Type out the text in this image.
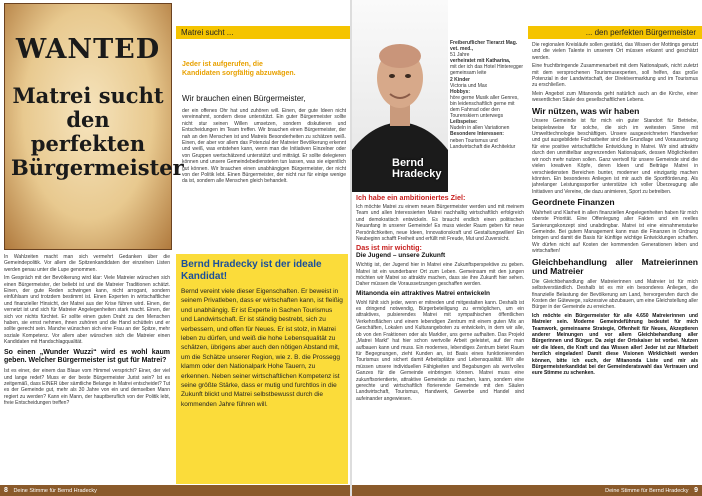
WANTED
Matrei sucht
den perfekten
Bürgermeister
Matrei sucht ...
Jeder ist aufgerufen, die
Kandidaten sorgfältig abzuwägen.
Wir brauchen einen Bürgermeister,
der ein offenes Ohr hat und zuhören will. Einen, der gute Ideen nicht vereinnahmt, sondern diese unterstützt. Ein guter Bürgermeister sollte nicht stur seinen Willen umsetzen, sondern diskutieren und Entscheidungen im Team treffen. Wir brauchen einen Bürgermeister, der nah an den Menschen ist und Matreis Besonderheiten zu schätzen weiß. Einen, der aber vor allem das Potenzial der Matreier Bevölkerung erkennt und weiß, was entstehen kann, wenn man die Initiativen Einzelner oder von Gruppen wertschätzend unterstützt und mitträgt. Er sollte delegieren können und unsere Gemeindebediensteten tun lassen, was sie eigentlich gut können. Wir brauchen einen unabhängigen Bürgermeister, der nicht von der Politik lebt. Einen Bürgermeister, der nicht nur für einige wenige da ist, sondern alle Menschen gleich behandelt.

In Wahlzeiten macht man sich vermehrt Gedanken über die Gemeindepolitik. Vor allem die Spitzenkandidaten der einzelnen Listen werden genau unter die Lupe genommen.

Im Gespräch mit der Bevölkerung wird klar: Viele Matreier wünschen sich einen Bürgermeister, der beliebt ist und die Matreier Traditionen schätzt. Einen, der gute Reden schwingen kann, nicht arrogant, sondern einfühlsam und trotzdem bestimmt ist. Einen Experten in wirtschaftlicher und finanzieller Hinsicht, der Matrei aus der Krise führen wird. Einen, der vernetzt ist und sich für Matreier Angelegenheiten stark macht. Einen, der sich vor nichts fürchtet. Er sollte einen guten Draht zu den Menschen haben, sie ernst nehmen, ihnen zuhören und die Hand schütteln und er sollte gerecht sein. Manche wünschen sich eine Frau an der Spitze, mehr soziale Kompetenz. Vor allem aber wünschen sich die Matreier einen Kandidaten mit Handschlagqualität.

So einen „Wunder Wuzzi“ wird es wohl kaum geben. Welcher Bürgermeister ist gut für Matrei?

Ist es einer, der einem das Blaue vom Himmel verspricht? Einer, der viel und lange redet? Muss er der beste Bürgermeister Jurist sein? Ist es zeitgemäß, dass EINER über sämtliche Belange in Matrei entscheidet? Tut es der Gemeinde gut, mehr als 30 Jahre von ein und demselben Mann regiert zu werden? Kann ein Mann, der hauptberuflich von der Politik lebt, freie Entscheidungen treffen?

Bernd Hradecky ist der ideale Kandidat!
Bernd vereint viele dieser Eigenschaften. Er beweist in seinem Privatleben, dass er wirtschaften kann, ist fleißig und unabhängig. Er ist Experte in Sachen Tourismus und Landwirtschaft. Er ist ständig bestrebt, sich zu verbessern, und offen für Neues. Er ist stolz, in Matrei leben zu dürfen, und weiß die hohe Lebensqualität zu schätzen, übrigens aber auch den nötigen Abstand mit, um die Schätze unserer Region, wie z. B. die Prossegg klamm oder den Nationalpark Hohe Tauern, zu erkennen. Neben seiner wirtschaftlichen Kompetenz ist seine größte Stärke, dass er mutig und furchtlos in die Zukunft blickt und Matrei selbstbewusst durch die kommenden Jahre führen will.
8 Deine Stimme für Bernd Hradecky
Bernd
Hradecky
Freiberuflicher Tierarzt Mag. vet. med.,
51 Jahre
verheiratet mit Katharina,
mit der ich das Hotel Hinteregger gemeinsam leite
2 Kinder
Victoria und Max
Hobbys:
höre gerne Musik aller Genres, bin leidenschaftlich gerne mit dem Fahrrad oder den Tourenskiern unterwegs
Leibspeise:
Nudeln in allen Variationen
Besondere Interessen:
neben Tourismus und Landwirtschaft die Architektur
Ich habe ein ambitioniertes Ziel:

Ich möchte Matrei zu einem neuen Bürgermeister werden und mit meinem Team und allen Interessierten Matrei nachhaltig wirtschaftlich erfolgreich und demokratisch entwickeln. Es braucht endlich einen politischen Neuanfang in unserer Gemeinde! Es muss wieder Raum geben für neue Persönlichkeiten, neue Ideen, Innovationskraft und Gestaltungswillen! Ein Neubeginn schafft Freiheit und erfüllt mit Freude, Mut und Zuversicht.

Das ist mir wichtig:
Die Jugend – unsere Zukunft

Wichtig ist, der Jugend hier in Matrei eine Zukunftsperspektive zu geben. Matrei ist ein wunderbarer Ort zum Leben. Gemeinsam mit den jungen möchten wir Matrei so attraktiv machen, dass sie ihre Zukunft hier sehen. Daher müssen die Voraussetzungen geschaffen werden.

Mitanonda ein attraktives Matrei entwickeln

Wohl fühlt sich jeder, wenn er mitreden und mitgestalten kann. Deshalb ist es dringend notwendig, Bürgerbeteiligung zu ermöglichen, um ein attraktives, pulsierendes Matrei mit sympathischen öffentlichen Verkehrsflächen und einem lebendigen Zentrum mit einem guten Mix an Geschäften, Lokalen und Kulturangeboten zu entwickeln, in dem wir alle, ob von den Fraktionen oder als Marktler, uns gerne aufhalten. Das Projekt „Matrei Markt“ hat hier schon wertvolle Arbeit geleistet, auf der man aufbauen kann und muss. Ein modernes, lebendiges Zentrum bietet Raum für Begegnungen, zieht Kunden an, ist Basis eines funktionierenden Tourismus und sichert damit Arbeitsplätze und Lebensqualität. Wir alle müssen unsere individuellen Fähigkeiten und Begabungen als wertvolles Ganzes für die Gemeinde einbringen können. Matrei muss eine zukunftsorientierte, attraktive Gemeinde zu machen, kann, sondern eine gerechte und wirtschaftlich florierende Gemeinde mit den Säulen Landwirtschaft, Tourismus, Handwerk, Gewerbe und Handel sind aufeinander angewiesen.

... den perfekten Bürgermeister

Die regionalen Kreisläufe sollen gestärkt, das Wissen der Mottings genutzt und die vielen Talente in unserem Ort müssen erkannt und geschätzt werden.

Eine fruchtbringende Zusammenarbeit mit dem Nationalpark, nicht zuletzt mit dem versprochenen Tourismusexperten, soll helfen, das große Potenzial in der Landwirtschaft, der Direktvermarktung und im Tourismus zu erschließen.

Mein Angebot zum Mitanonda geht natürlich auch an die Kirche, einer wesentlichen Säule des gesellschaftlichen Lebens.

Wir nützen, was wir haben

Unsere Gemeinde ist für mich ein guter Standort für Betriebe, beispielsweise für solche, die sich im weitesten Sinne mit Umwelttechnologie beschäftigen. Unsere ausgezeichneten Handwerker und gut ausgebildete Facharbeiter sind die Grundlage und Voraussetzung für eine positive wirtschaftliche Entwicklung in Matrei. Wir sind attraktiv durch den unmittelbar angrenzenden Nationalpark, dessen Möglichkeiten wir noch mehr nutzen sollen. Ganz wertvoll für unsere Gemeinde sind die vielen kreativen Köpfe, deren Ideen und Beiträge Matrei in verschiedensten Bereichen bunter, moderner und einzigartig machen könnten. Ein besonderes Anliegen ist mir auch die Sportförderung. Als jahrelanger Leistungssportler unterstütze ich voller Überzeugung alle Initiativen und Vereine, die dazu animieren, Sport zu betreiben.

Geordnete Finanzen

Wahrheit und Klarheit in allen finanziellen Angelegenheiten haben für mich oberste Priorität. Eine Offenlegung aller Fakten und ein reelles Sanierungskonzept sind unabdingbar. Matrei ist eine einnahmenstarke Gemeinde. Bei gutem Management kann man die Finanzen in Ordnung bringen und damit die Basis für künftige wichtige Entwicklungen schaffen. Wir dürfen nicht auf Kosten der kommenden Generationen leben und wirtschaften!

Gleichbehandlung aller Matreierinnen und Matreier

Die Gleichbehandlung aller Matreierinnen und Matreier ist für mich selbstverständlich. Deshalb ist es mir ein besonderes Anliegen, die finanzielle Belastung der Bevölkerung am Land, hervorgerufen durch die Kosten der Gütewege, sukzessive abzubauen, um eine Gleichstellung aller Bürger in der Gemeinde zu erreichen.

Ich möchte ein Bürgermeister für alle 4.650 Matreierinnen und Matreier sein. Moderne Gemeindeführung bedeutet für mich Teamwork, gemeinsame Strategie, Offenheit für Neues, Akzeptieren anderer Meinungen und vor allem Gleichbehandlung aller Bürgerinnen und Bürger. Da zeigt der Ortskaiser ist vorbei. Nutzen wir die Ideen, die Kraft und das Wissen aller! Jeder ist zur Mitarbeit herzlich eingeladen! Damit diese Visionen Wirklichkeit werden können, bitte ich euch, der Mitanonda Liste und mir als Bürgermeisterkandidat bei der Gemeinderatswahl das Vertrauen und eure Stimme zu schenken.

Deine Stimme für Bernd Hradecky 9
